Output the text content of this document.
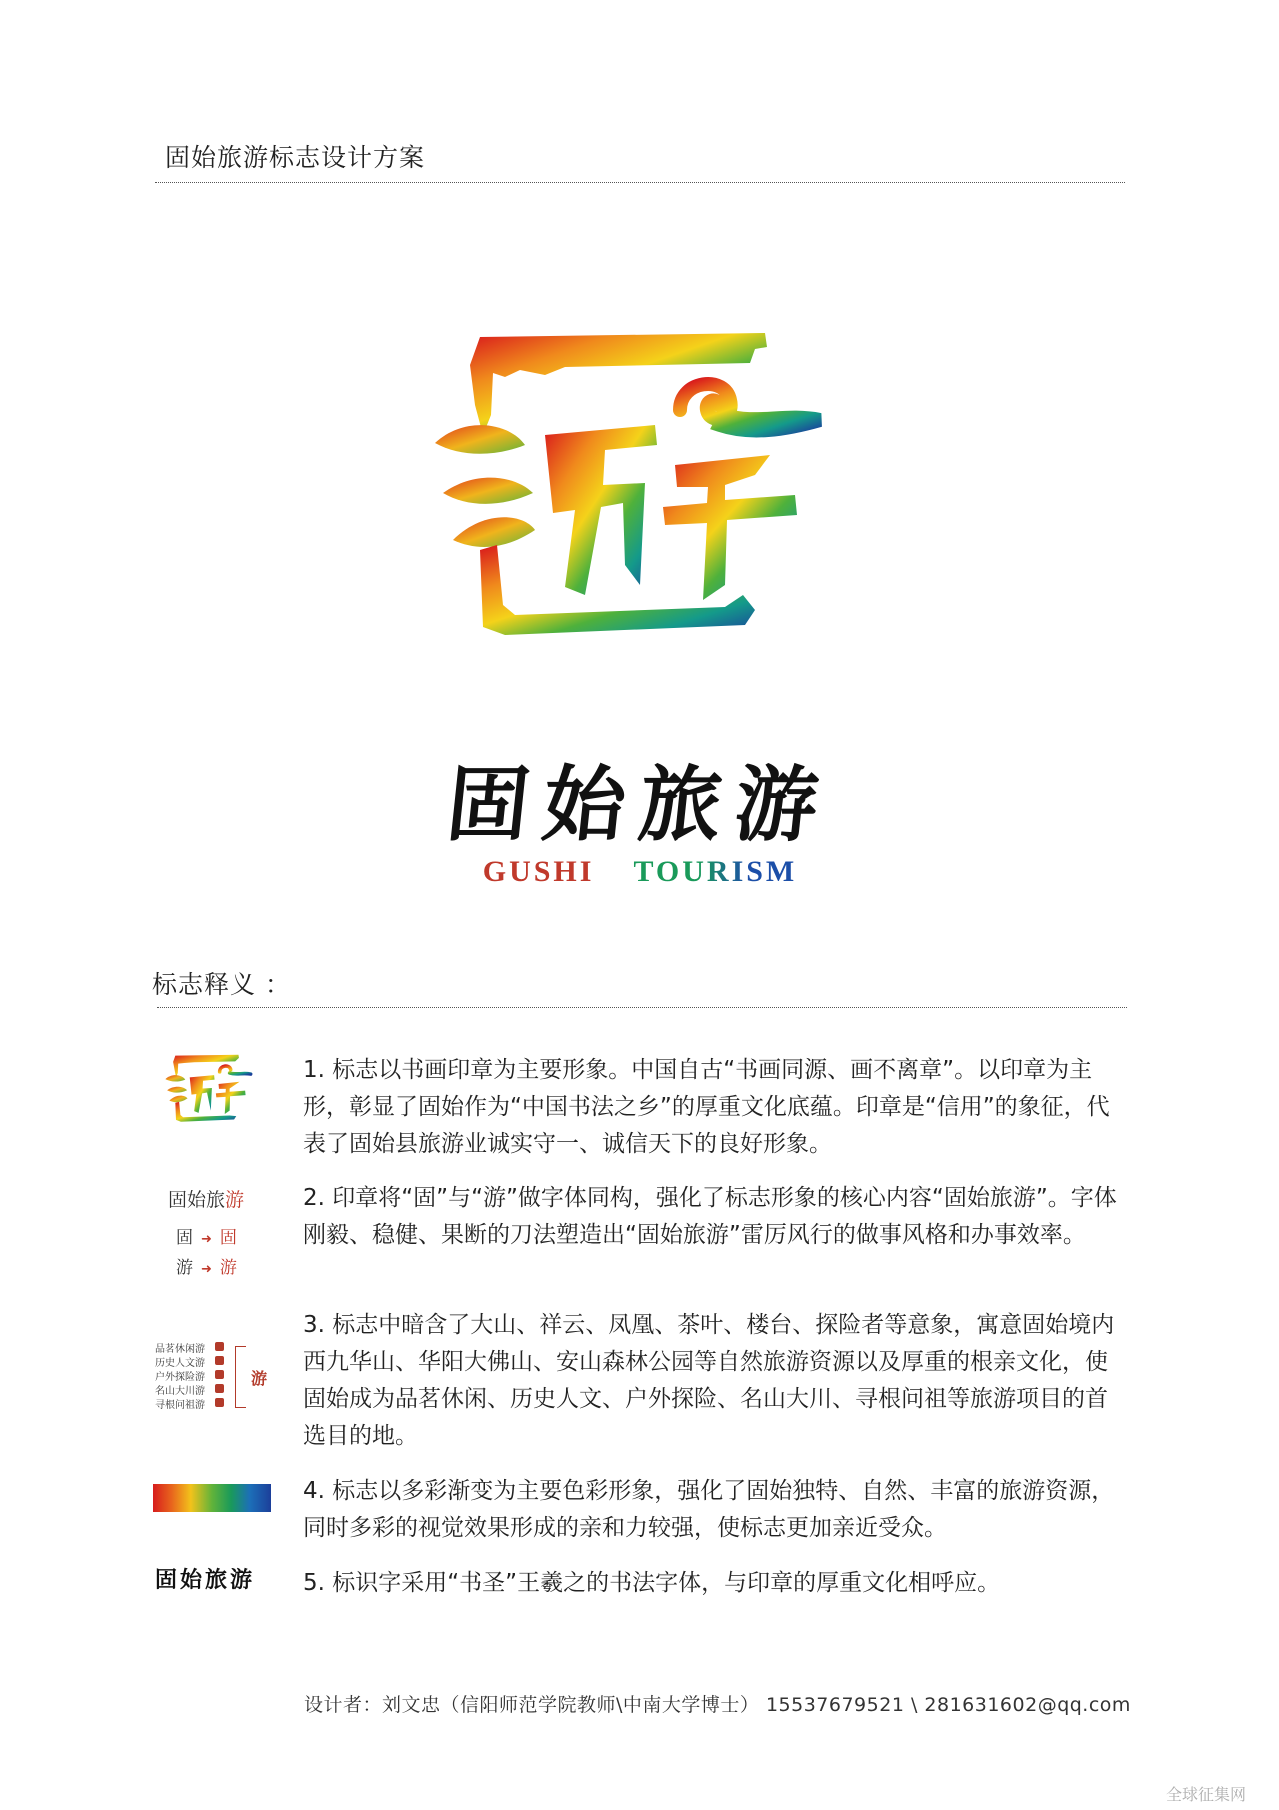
固始旅游标志设计方案
固始旅游
GUSHI TOURISM
标志释义 ：
1. 标志以书画印章为主要形象。中国自古“书画同源、画不离章”。以印章为主形，彰显了固始作为“中国书法之乡”的厚重文化底蕴。印章是“信用”的象征，代表了固始县旅游业诚实守一、诚信天下的良好形象。
固始旅游
固 ➜ 固
游 ➜ 游
2. 印章将“固”与“游”做字体同构，强化了标志形象的核心内容“固始旅游”。字体刚毅、稳健、果断的刀法塑造出“固始旅游”雷厉风行的做事风格和办事效率。
品茗休闲游
历史人文游
户外探险游
名山大川游
寻根问祖游
游
3. 标志中暗含了大山、祥云、凤凰、茶叶、楼台、探险者等意象，寓意固始境内西九华山、华阳大佛山、安山森林公园等自然旅游资源以及厚重的根亲文化，使固始成为品茗休闲、历史人文、户外探险、名山大川、寻根问祖等旅游项目的首选目的地。
4. 标志以多彩渐变为主要色彩形象，强化了固始独特、自然、丰富的旅游资源，同时多彩的视觉效果形成的亲和力较强，使标志更加亲近受众。
固始旅游	5. 标识字采用“书圣”王羲之的书法字体，与印章的厚重文化相呼应。
设计者：刘文忠（信阳师范学院教师\中南大学博士） 15537679521 \ 281631602@qq.com
全球征集网
